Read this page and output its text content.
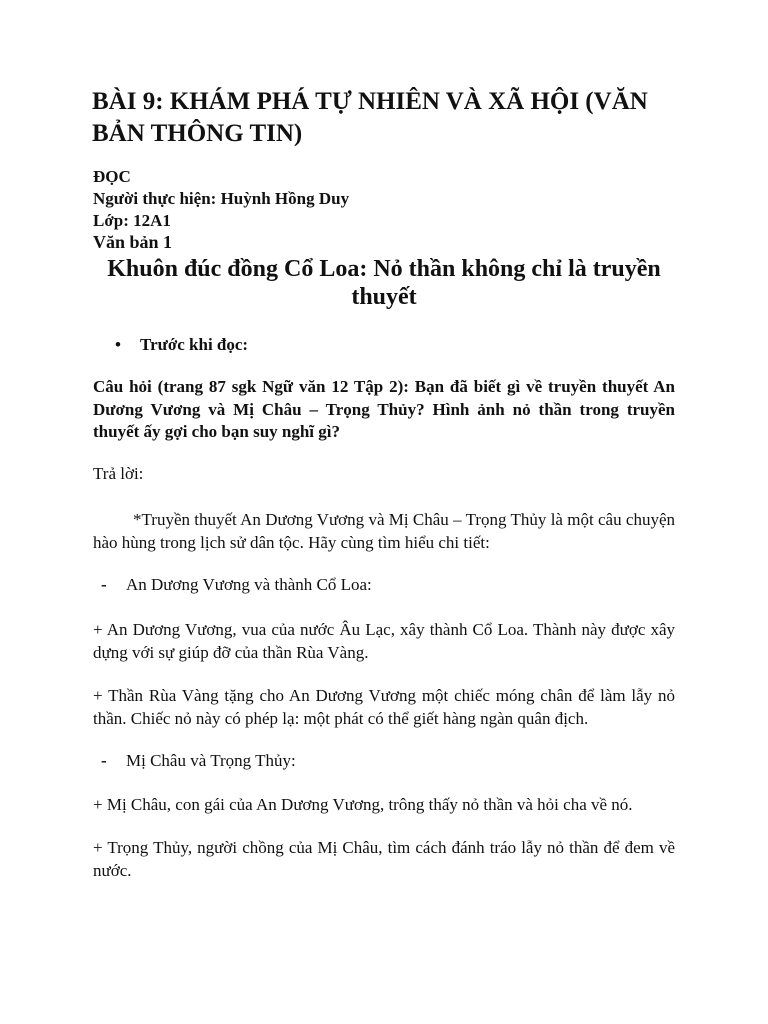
BÀI 9: KHÁM PHÁ TỰ NHIÊN VÀ XÃ HỘI (VĂN BẢN THÔNG TIN)
ĐỌC
Người thực hiện: Huỳnh Hồng Duy
Lớp: 12A1
Văn bản 1
Khuôn đúc đồng Cổ Loa: Nỏ thần không chỉ là truyền thuyết
•	Trước khi đọc:

Câu hỏi (trang 87 sgk Ngữ văn 12 Tập 2): Bạn đã biết gì về truyền thuyết An Dương Vương và Mị Châu – Trọng Thủy? Hình ảnh nỏ thần trong truyền thuyết ấy gợi cho bạn suy nghĩ gì?

Trả lời:

*Truyền thuyết An Dương Vương và Mị Châu – Trọng Thủy là một câu chuyện hào hùng trong lịch sử dân tộc. Hãy cùng tìm hiểu chi tiết:

- An Dương Vương và thành Cổ Loa:

+ An Dương Vương, vua của nước Âu Lạc, xây thành Cổ Loa. Thành này được xây dựng với sự giúp đỡ của thần Rùa Vàng.

+ Thần Rùa Vàng tặng cho An Dương Vương một chiếc móng chân để làm lẫy nỏ thần. Chiếc nỏ này có phép lạ: một phát có thể giết hàng ngàn quân địch.

- Mị Châu và Trọng Thủy:

+ Mị Châu, con gái của An Dương Vương, trông thấy nỏ thần và hỏi cha về nó.

+ Trọng Thủy, người chồng của Mị Châu, tìm cách đánh tráo lẫy nỏ thần để đem về nước.
